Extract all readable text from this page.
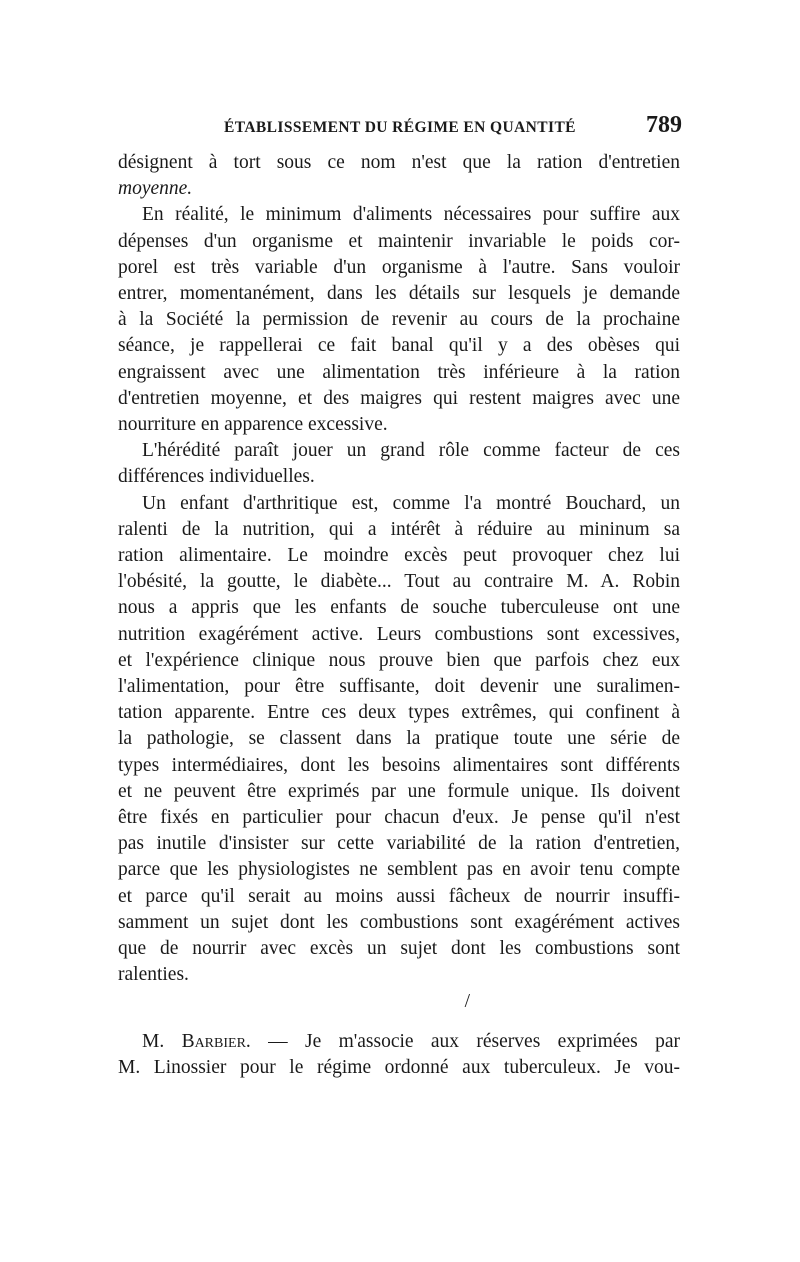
ÉTABLISSEMENT DU RÉGIME EN QUANTITÉ	789
désignent à tort sous ce nom n'est que la ration d'entretien
moyenne.
En réalité, le minimum d'aliments nécessaires pour suffire aux
dépenses d'un organisme et maintenir invariable le poids cor-
porel est très variable d'un organisme à l'autre. Sans vouloir
entrer, momentanément, dans les détails sur lesquels je demande
à la Société la permission de revenir au cours de la prochaine
séance, je rappellerai ce fait banal qu'il y a des obèses qui
engraissent avec une alimentation très inférieure à la ration
d'entretien moyenne, et des maigres qui restent maigres avec une
nourriture en apparence excessive.
L'hérédité paraît jouer un grand rôle comme facteur de ces
différences individuelles.
Un enfant d'arthritique est, comme l'a montré Bouchard, un
ralenti de la nutrition, qui a intérêt à réduire au mininum sa
ration alimentaire. Le moindre excès peut provoquer chez lui
l'obésité, la goutte, le diabète... Tout au contraire M. A. Robin
nous a appris que les enfants de souche tuberculeuse ont une
nutrition exagérément active. Leurs combustions sont excessives,
et l'expérience clinique nous prouve bien que parfois chez eux
l'alimentation, pour être suffisante, doit devenir une suralimen-
tation apparente. Entre ces deux types extrêmes, qui confinent à
la pathologie, se classent dans la pratique toute une série de
types intermédiaires, dont les besoins alimentaires sont différents
et ne peuvent être exprimés par une formule unique. Ils doivent
être fixés en particulier pour chacun d'eux. Je pense qu'il n'est
pas inutile d'insister sur cette variabilité de la ration d'entretien,
parce que les physiologistes ne semblent pas en avoir tenu compte
et parce qu'il serait au moins aussi fâcheux de nourrir insuffi-
samment un sujet dont les combustions sont exagérément actives
que de nourrir avec excès un sujet dont les combustions sont
ralenties.
/
M. Barbier. — Je m'associe aux réserves exprimées par
M. Linossier pour le régime ordonné aux tuberculeux. Je vou-
